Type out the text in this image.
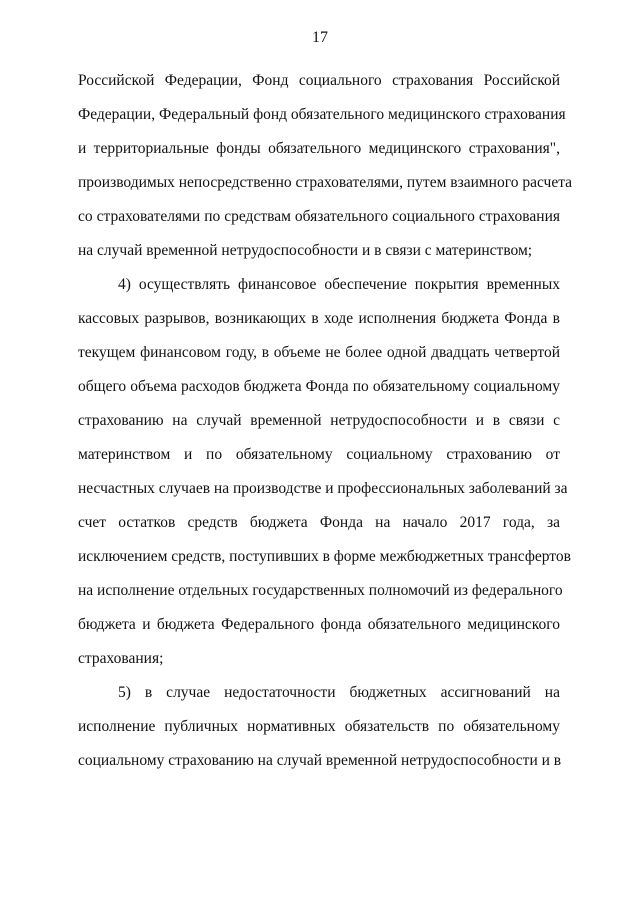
17
Российской Федерации, Фонд социального страхования Российской
Федерации, Федеральный фонд обязательного медицинского страхования
и территориальные фонды обязательного медицинского страхования",
производимых непосредственно страхователями, путем взаимного расчета
со страхователями по средствам обязательного социального страхования
на случай временной нетрудоспособности и в связи с материнством;
4) осуществлять финансовое обеспечение покрытия временных
кассовых разрывов, возникающих в ходе исполнения бюджета Фонда в
текущем финансовом году, в объеме не более одной двадцать четвертой
общего объема расходов бюджета Фонда по обязательному социальному
страхованию на случай временной нетрудоспособности и в связи с
материнством и по обязательному социальному страхованию от
несчастных случаев на производстве и профессиональных заболеваний за
счет остатков средств бюджета Фонда на начало 2017 года, за
исключением средств, поступивших в форме межбюджетных трансфертов
на исполнение отдельных государственных полномочий из федерального
бюджета и бюджета Федерального фонда обязательного медицинского
страхования;
5) в случае недостаточности бюджетных ассигнований на
исполнение публичных нормативных обязательств по обязательному
социальному страхованию на случай временной нетрудоспособности и в
